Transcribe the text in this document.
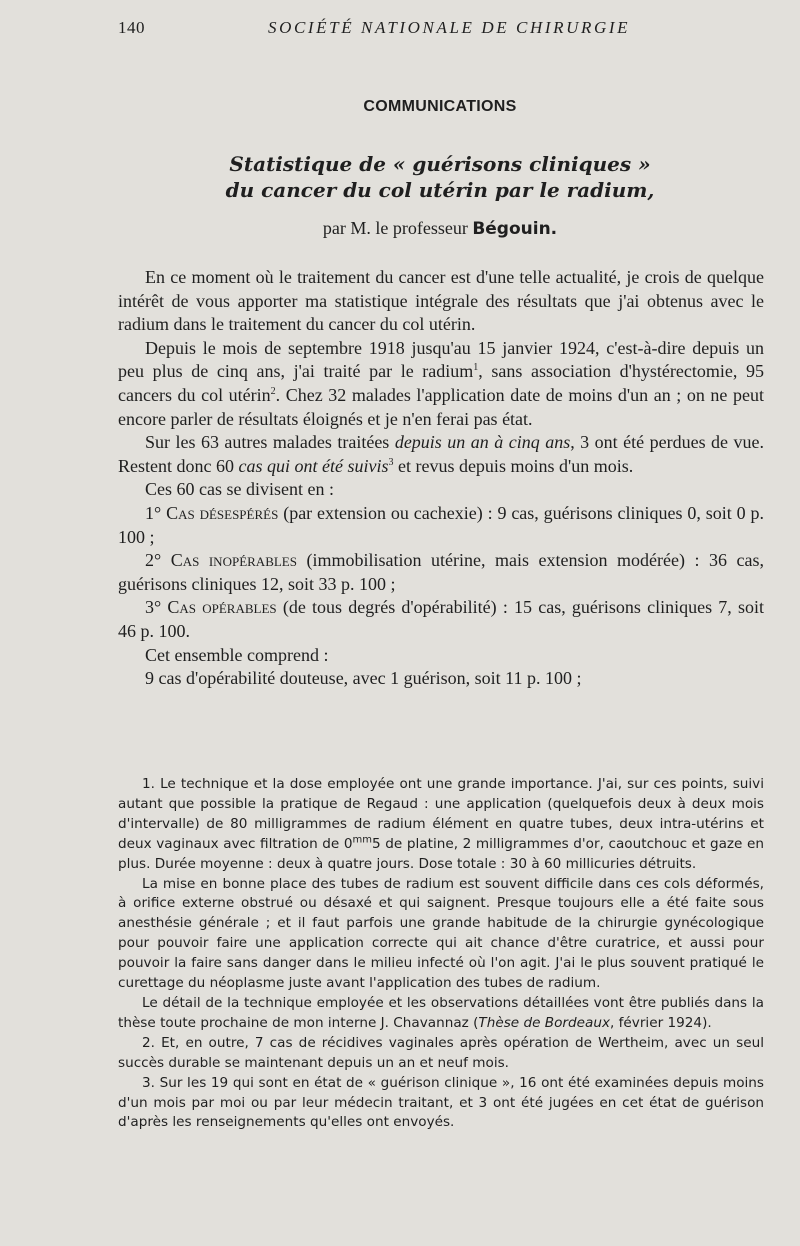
140	SOCIÉTÉ NATIONALE DE CHIRURGIE
COMMUNICATIONS
Statistique de « guérisons cliniques »
du cancer du col utérin par le radium,
par M. le professeur Bégouin.

En ce moment où le traitement du cancer est d'une telle actualité, je crois de quelque intérêt de vous apporter ma statistique intégrale des résultats que j'ai obtenus avec le radium dans le traitement du cancer du col utérin.

Depuis le mois de septembre 1918 jusqu'au 15 janvier 1924, c'est-à-dire depuis un peu plus de cinq ans, j'ai traité par le radium$^1$, sans association d'hystérectomie, 95 cancers du col utérin$^2$. Chez 32 malades l'application date de moins d'un an ; on ne peut encore parler de résultats éloignés et je n'en ferai pas état.

Sur les 63 autres malades traitées depuis un an à cinq ans, 3 ont été perdues de vue. Restent donc 60 cas qui ont été suivis$^3$ et revus depuis moins d'un mois.

Ces 60 cas se divisent en :

1° Cas désespérés (par extension ou cachexie) : 9 cas, guérisons cliniques 0, soit 0 p. 100 ;

2° Cas inopérables (immobilisation utérine, mais extension modérée) : 36 cas, guérisons cliniques 12, soit 33 p. 100 ;

3° Cas opérables (de tous degrés d'opérabilité) : 15 cas, guérisons cliniques 7, soit 46 p. 100.

Cet ensemble comprend :

9 cas d'opérabilité douteuse, avec 1 guérison, soit 11 p. 100 ;

1. Le technique et la dose employée ont une grande importance. J'ai, sur ces points, suivi autant que possible la pratique de Regaud : une application (quelquefois deux à deux mois d'intervalle) de 80 milligrammes de radium élément en quatre tubes, deux intra-utérins et deux vaginaux avec filtration de $0^{mm}5$ de platine, 2 milligrammes d'or, caoutchouc et gaze en plus. Durée moyenne : deux à quatre jours. Dose totale : 30 à 60 millicuries détruits.

La mise en bonne place des tubes de radium est souvent difficile dans ces cols déformés, à orifice externe obstrué ou désaxé et qui saignent. Presque toujours elle a été faite sous anesthésie générale ; et il faut parfois une grande habitude de la chirurgie gynécologique pour pouvoir faire une application correcte qui ait chance d'être curatrice, et aussi pour pouvoir la faire sans danger dans le milieu infecté où l'on agit. J'ai le plus souvent pratiqué le curettage du néoplasme juste avant l'application des tubes de radium.

Le détail de la technique employée et les observations détaillées vont être publiés dans la thèse toute prochaine de mon interne J. Chavannaz (Thèse de Bordeaux, février 1924).

2. Et, en outre, 7 cas de récidives vaginales après opération de Wertheim, avec un seul succès durable se maintenant depuis un an et neuf mois.

3. Sur les 19 qui sont en état de « guérison clinique », 16 ont été examinées depuis moins d'un mois par moi ou par leur médecin traitant, et 3 ont été jugées en cet état de guérison d'après les renseignements qu'elles ont envoyés.
